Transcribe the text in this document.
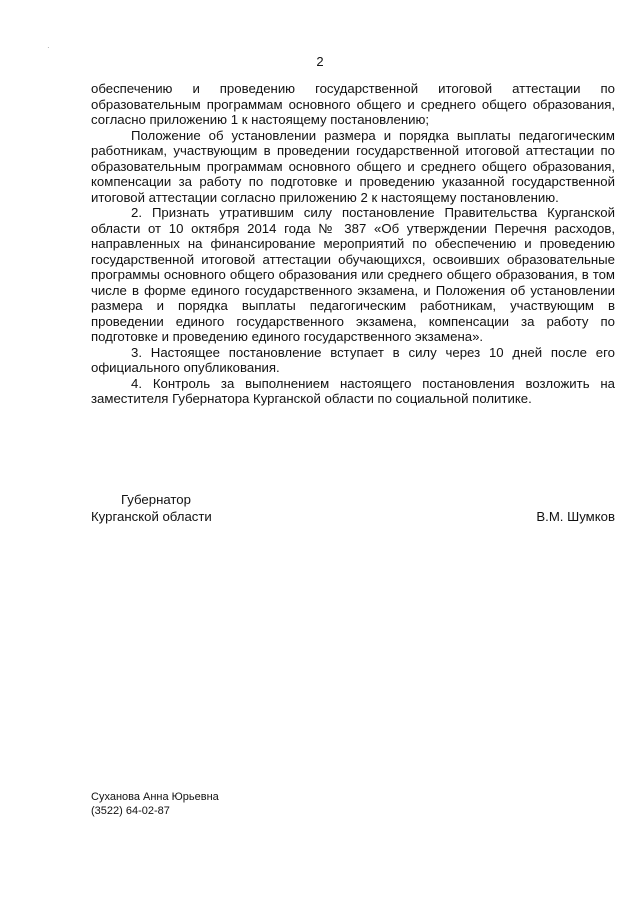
·
2

обеспечению и проведению государственной итоговой аттестации по образовательным программам основного общего и среднего общего образования, согласно приложению 1 к настоящему постановлению;

Положение об установлении размера и порядка выплаты педагогическим работникам, участвующим в проведении государственной итоговой аттестации по образовательным программам основного общего и среднего общего образования, компенсации за работу по подготовке и проведению указанной государственной итоговой аттестации согласно приложению 2 к настоящему постановлению.

2. Признать утратившим силу постановление Правительства Курганской области от 10 октября 2014 года № 387 «Об утверждении Перечня расходов, направленных на финансирование мероприятий по обеспечению и проведению государственной итоговой аттестации обучающихся, освоивших образовательные программы основного общего образования или среднего общего образования, в том числе в форме единого государственного экзамена, и Положения об установлении размера и порядка выплаты педагогическим работникам, участвующим в проведении единого государственного экзамена, компенсации за работу по подготовке и проведению единого государственного экзамена».

3. Настоящее постановление вступает в силу через 10 дней после его официального опубликования.

4. Контроль за выполнением настоящего постановления возложить на заместителя Губернатора Курганской области по социальной политике.

Губернатор
Курганской области	В.М. Шумков
Суханова Анна Юрьевна
(3522) 64-02-87
